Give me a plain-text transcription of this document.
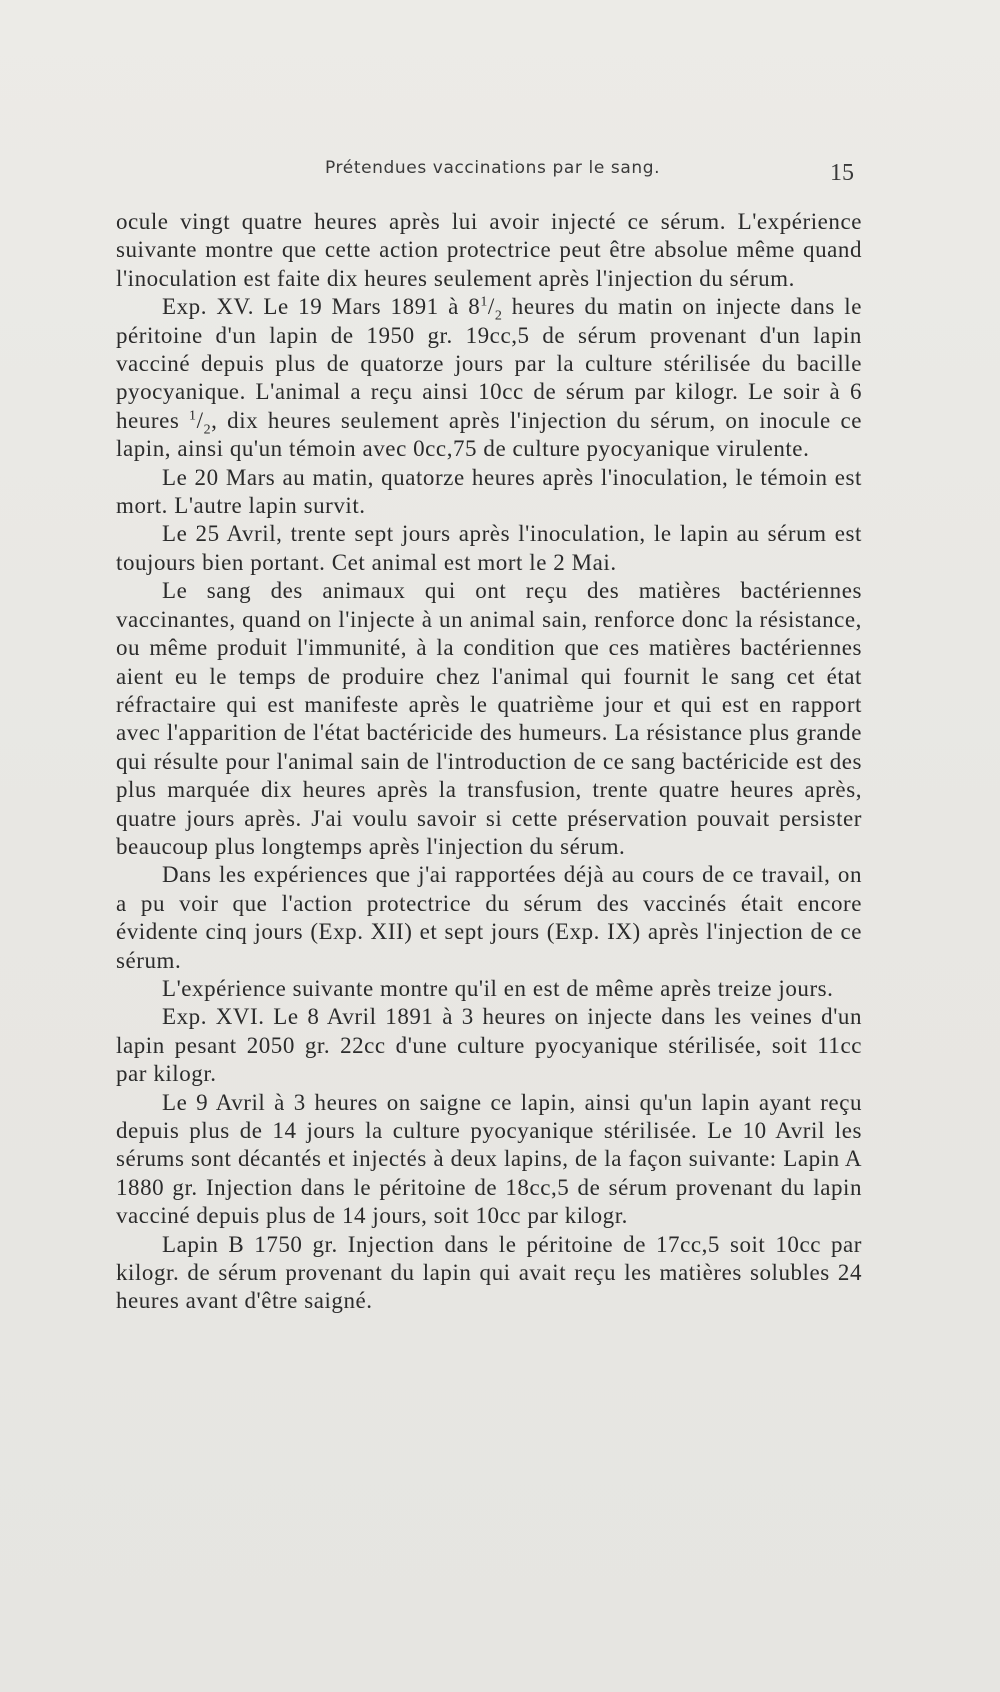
Prétendues vaccinations par le sang.	15

ocule vingt quatre heures après lui avoir injecté ce sérum. L'expérience suivante montre que cette action protectrice peut être absolue même quand l'inoculation est faite dix heures seulement après l'injection du sérum.

Exp. XV. Le 19 Mars 1891 à $8^1/_2$ heures du matin on injecte dans le péritoine d'un lapin de 1950 gr. 19cc,5 de sérum provenant d'un lapin vacciné depuis plus de quatorze jours par la culture stérilisée du bacille pyocyanique. L'animal a reçu ainsi 10cc de sérum par kilogr. Le soir à 6 heures $^1/_2$, dix heures seulement après l'injection du sérum, on inocule ce lapin, ainsi qu'un témoin avec 0cc,75 de culture pyocyanique virulente.

Le 20 Mars au matin, quatorze heures après l'inoculation, le témoin est mort. L'autre lapin survit.

Le 25 Avril, trente sept jours après l'inoculation, le lapin au sérum est toujours bien portant. Cet animal est mort le 2 Mai.

Le sang des animaux qui ont reçu des matières bactériennes vaccinantes, quand on l'injecte à un animal sain, renforce donc la résistance, ou même produit l'immunité, à la condition que ces matières bactériennes aient eu le temps de produire chez l'animal qui fournit le sang cet état réfractaire qui est manifeste après le quatrième jour et qui est en rapport avec l'apparition de l'état bactéricide des humeurs. La résistance plus grande qui résulte pour l'animal sain de l'introduction de ce sang bactéricide est des plus marquée dix heures après la transfusion, trente quatre heures après, quatre jours après. J'ai voulu savoir si cette préservation pouvait persister beaucoup plus longtemps après l'injection du sérum.

Dans les expériences que j'ai rapportées déjà au cours de ce travail, on a pu voir que l'action protectrice du sérum des vaccinés était encore évidente cinq jours (Exp. XII) et sept jours (Exp. IX) après l'injection de ce sérum.

L'expérience suivante montre qu'il en est de même après treize jours.

Exp. XVI. Le 8 Avril 1891 à 3 heures on injecte dans les veines d'un lapin pesant 2050 gr. 22cc d'une culture pyocyanique stérilisée, soit 11cc par kilogr.

Le 9 Avril à 3 heures on saigne ce lapin, ainsi qu'un lapin ayant reçu depuis plus de 14 jours la culture pyocyanique stérilisée. Le 10 Avril les sérums sont décantés et injectés à deux lapins, de la façon suivante: Lapin A 1880 gr. Injection dans le péritoine de 18cc,5 de sérum provenant du lapin vacciné depuis plus de 14 jours, soit 10cc par kilogr.

Lapin B 1750 gr. Injection dans le péritoine de 17cc,5 soit 10cc par kilogr. de sérum provenant du lapin qui avait reçu les matières solubles 24 heures avant d'être saigné.
